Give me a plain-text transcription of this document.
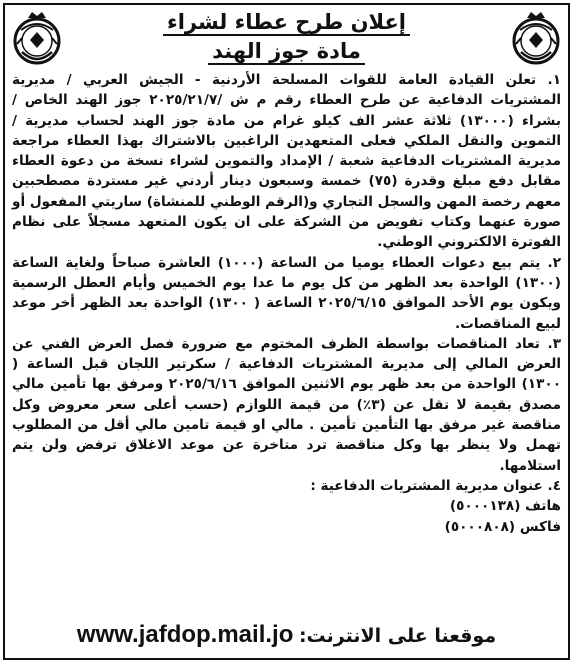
إعلان طرح عطاء لشراء
مادة جوز الهند

١. تعلن القيادة العامة للقوات المسلحة الأردنية - الجيش العربي / مديرية المشتريات الدفاعية عن طرح العطاء رقم م ش /٢٠٢٥/٢١/٧ جوز الهند الخاص / بشراء (١٣٠٠٠) ثلاثة عشر الف كيلو غرام من مادة جوز الهند لحساب مديرية / التموين والنقل الملكي فعلى المتعهدين الراغبين بالاشتراك بهذا العطاء مراجعة مديرية المشتريات الدفاعية شعبة / الإمداد والتموين لشراء نسخة من دعوة العطاء مقابل دفع مبلغ وقدرة (٧٥) خمسة وسبعون دينار أردني غير مستردة مصطحبين معهم رخصة المهن والسجل التجاري و(الرقم الوطني للمنشاة) ساريتي المفعول أو صورة عنهما وكتاب تفويض من الشركة على ان يكون المتعهد مسجلاً على نظام الفوترة الالكتروني الوطني.

٢. يتم بيع دعوات العطاء يوميا من الساعة (١٠٠٠) العاشرة صباحاً ولغاية الساعة (١٣٠٠) الواحدة بعد الظهر من كل يوم ما عدا يوم الخميس وأيام العطل الرسمية ويكون يوم الأحد الموافق ٢٠٢٥/٦/١٥ الساعة ( ١٣٠٠) الواحدة بعد الظهر أخر موعد لبيع المناقصات.

٣. تعاد المناقصات بواسطة الظرف المختوم مع ضرورة فصل العرض الفني عن العرض المالي إلى مديرية المشتريات الدفاعية / سكرتير اللجان قبل الساعة ( ١٣٠٠) الواحدة من بعد ظهر يوم الاثنين الموافق ٢٠٢٥/٦/١٦ ومرفق بها تأمين مالي مصدق بقيمة لا تقل عن (٣٪) من قيمة اللوازم (حسب أعلى سعر معروض وكل مناقصة غير مرفق بها التأمين تأمين . مالي او قيمة تامين مالي أقل من المطلوب تهمل ولا ينظر بها وكل مناقصة ترد متاخرة عن موعد الاغلاق ترفض ولن يتم استلامها.

٤. عنوان مديرية المشتريات الدفاعية :

هاتف (٥٠٠٠١٣٨)

فاكس (٥٠٠٠٨٠٨)

موقعنا على الانترنت: www.jafdop.mail.jo
